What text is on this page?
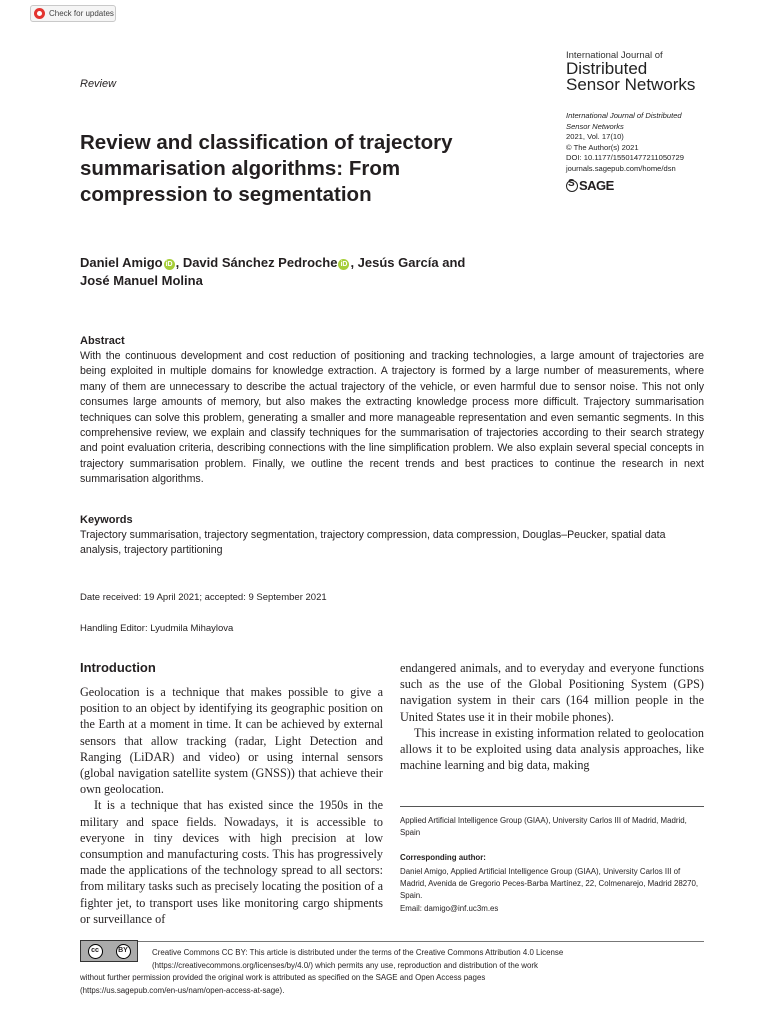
Check for updates
Review
International Journal of
Distributed
Sensor Networks
International Journal of Distributed
Sensor Networks
2021, Vol. 17(10)
© The Author(s) 2021
DOI: 10.1177/15501477211050729
journals.sagepub.com/home/dsn
S
SAGE
Review and classification of trajectory summarisation algorithms: From compression to segmentation
Daniel Amigo iD , David Sánchez Pedroche iD , Jesús García and
José Manuel Molina
Abstract
With the continuous development and cost reduction of positioning and tracking technologies, a large amount of trajectories are being exploited in multiple domains for knowledge extraction. A trajectory is formed by a large number of measurements, where many of them are unnecessary to describe the actual trajectory of the vehicle, or even harmful due to sensor noise. This not only consumes large amounts of memory, but also makes the extracting knowledge process more difficult. Trajectory summarisation techniques can solve this problem, generating a smaller and more manageable representation and even semantic segments. In this comprehensive review, we explain and classify techniques for the summarisation of trajectories according to their search strategy and point evaluation criteria, describing connections with the line simplification problem. We also explain several special concepts in trajectory summarisation problem. Finally, we outline the recent trends and best practices to continue the research in next summarisation algorithms.
Keywords
Trajectory summarisation, trajectory segmentation, trajectory compression, data compression, Douglas–Peucker, spatial data analysis, trajectory partitioning
Date received: 19 April 2021; accepted: 9 September 2021
Handling Editor: Lyudmila Mihaylova
Introduction

Geolocation is a technique that makes possible to give a position to an object by identifying its geographic position on the Earth at a moment in time. It can be achieved by external sensors that allow tracking (radar, Light Detection and Ranging (LiDAR) and video) or using internal sensors (global navigation satellite system (GNSS)) that achieve their own geolocation.

It is a technique that has existed since the 1950s in the military and space fields. Nowadays, it is accessible to everyone in tiny devices with high precision at low consumption and manufacturing costs. This has progressively made the applications of the technology spread to all sectors: from military tasks such as precisely locating the position of a fighter jet, to transport uses like monitoring cargo shipments or surveillance of

endangered animals, and to everyday and everyone functions such as the use of the Global Positioning System (GPS) navigation system in their cars (164 million people in the United States use it in their mobile phones).

This increase in existing information related to geolocation allows it to be exploited using data analysis approaches, like machine learning and big data, making

Applied Artificial Intelligence Group (GIAA), University Carlos III of Madrid, Madrid, Spain
Corresponding author:
Daniel Amigo, Applied Artificial Intelligence Group (GIAA), University Carlos III of Madrid, Avenida de Gregorio Peces-Barba Martínez, 22, Colmenarejo, Madrid 28270, Spain.
Email: damigo@inf.uc3m.es
Creative Commons CC BY: This article is distributed under the terms of the Creative Commons Attribution 4.0 License
(https://creativecommons.org/licenses/by/4.0/) which permits any use, reproduction and distribution of the work
without further permission provided the original work is attributed as specified on the SAGE and Open Access pages
(https://us.sagepub.com/en-us/nam/open-access-at-sage).
cc	BY
